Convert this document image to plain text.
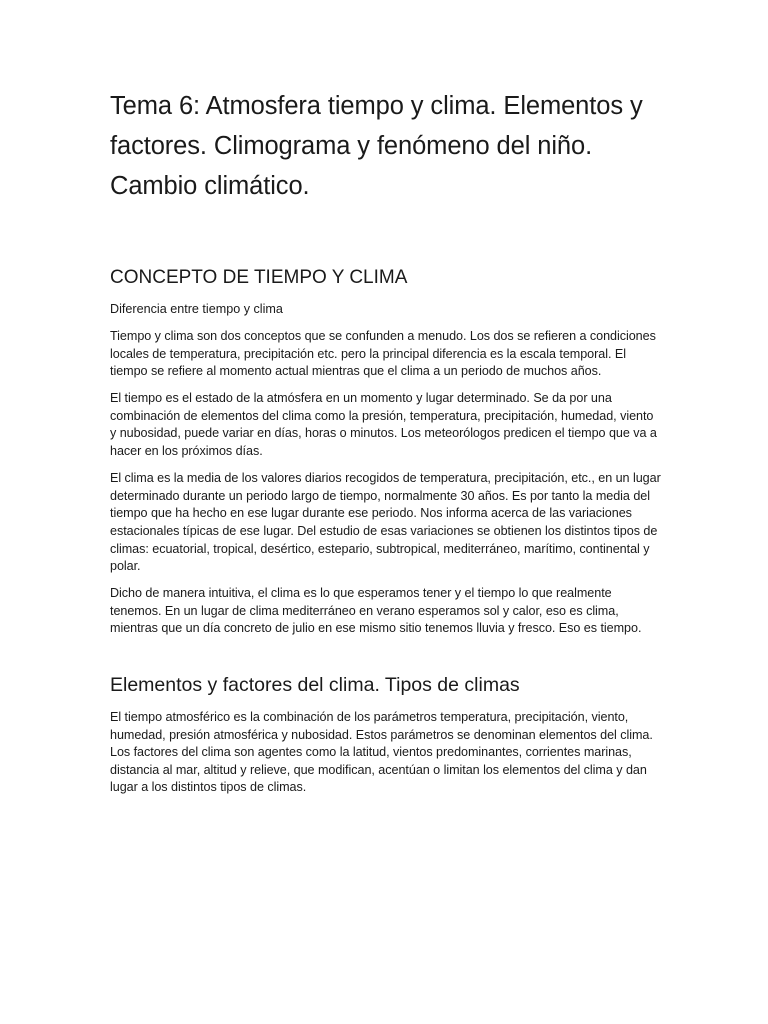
Tema 6: Atmosfera tiempo y clima. Elementos y factores. Climograma y fenómeno del niño. Cambio climático.
CONCEPTO DE TIEMPO Y CLIMA

Diferencia entre tiempo y clima

Tiempo y clima son dos conceptos que se confunden a menudo. Los dos se refieren a condiciones locales de temperatura, precipitación etc. pero la principal diferencia es la escala temporal. El tiempo se refiere al momento actual mientras que el clima a un periodo de muchos años.

El tiempo es el estado de la atmósfera en un momento y lugar determinado. Se da por una combinación de elementos del clima como la presión, temperatura, precipitación, humedad, viento y nubosidad, puede variar en días, horas o minutos. Los meteorólogos predicen el tiempo que va a hacer en los próximos días.

El clima es la media de los valores diarios recogidos de temperatura, precipitación, etc., en un lugar determinado durante un periodo largo de tiempo, normalmente 30 años. Es por tanto la media del tiempo que ha hecho en ese lugar durante ese periodo. Nos informa acerca de las variaciones estacionales típicas de ese lugar. Del estudio de esas variaciones se obtienen los distintos tipos de climas: ecuatorial, tropical, desértico, estepario, subtropical, mediterráneo, marítimo, continental y polar.

Dicho de manera intuitiva, el clima es lo que esperamos tener y el tiempo lo que realmente tenemos. En un lugar de clima mediterráneo en verano esperamos sol y calor, eso es clima, mientras que un día concreto de julio en ese mismo sitio tenemos lluvia y fresco. Eso es tiempo.

Elementos y factores del clima. Tipos de climas

El tiempo atmosférico es la combinación de los parámetros temperatura, precipitación, viento, humedad, presión atmosférica y nubosidad. Estos parámetros se denominan elementos del clima. Los factores del clima son agentes como la latitud, vientos predominantes, corrientes marinas, distancia al mar, altitud y relieve, que modifican, acentúan o limitan los elementos del clima y dan lugar a los distintos tipos de climas.
